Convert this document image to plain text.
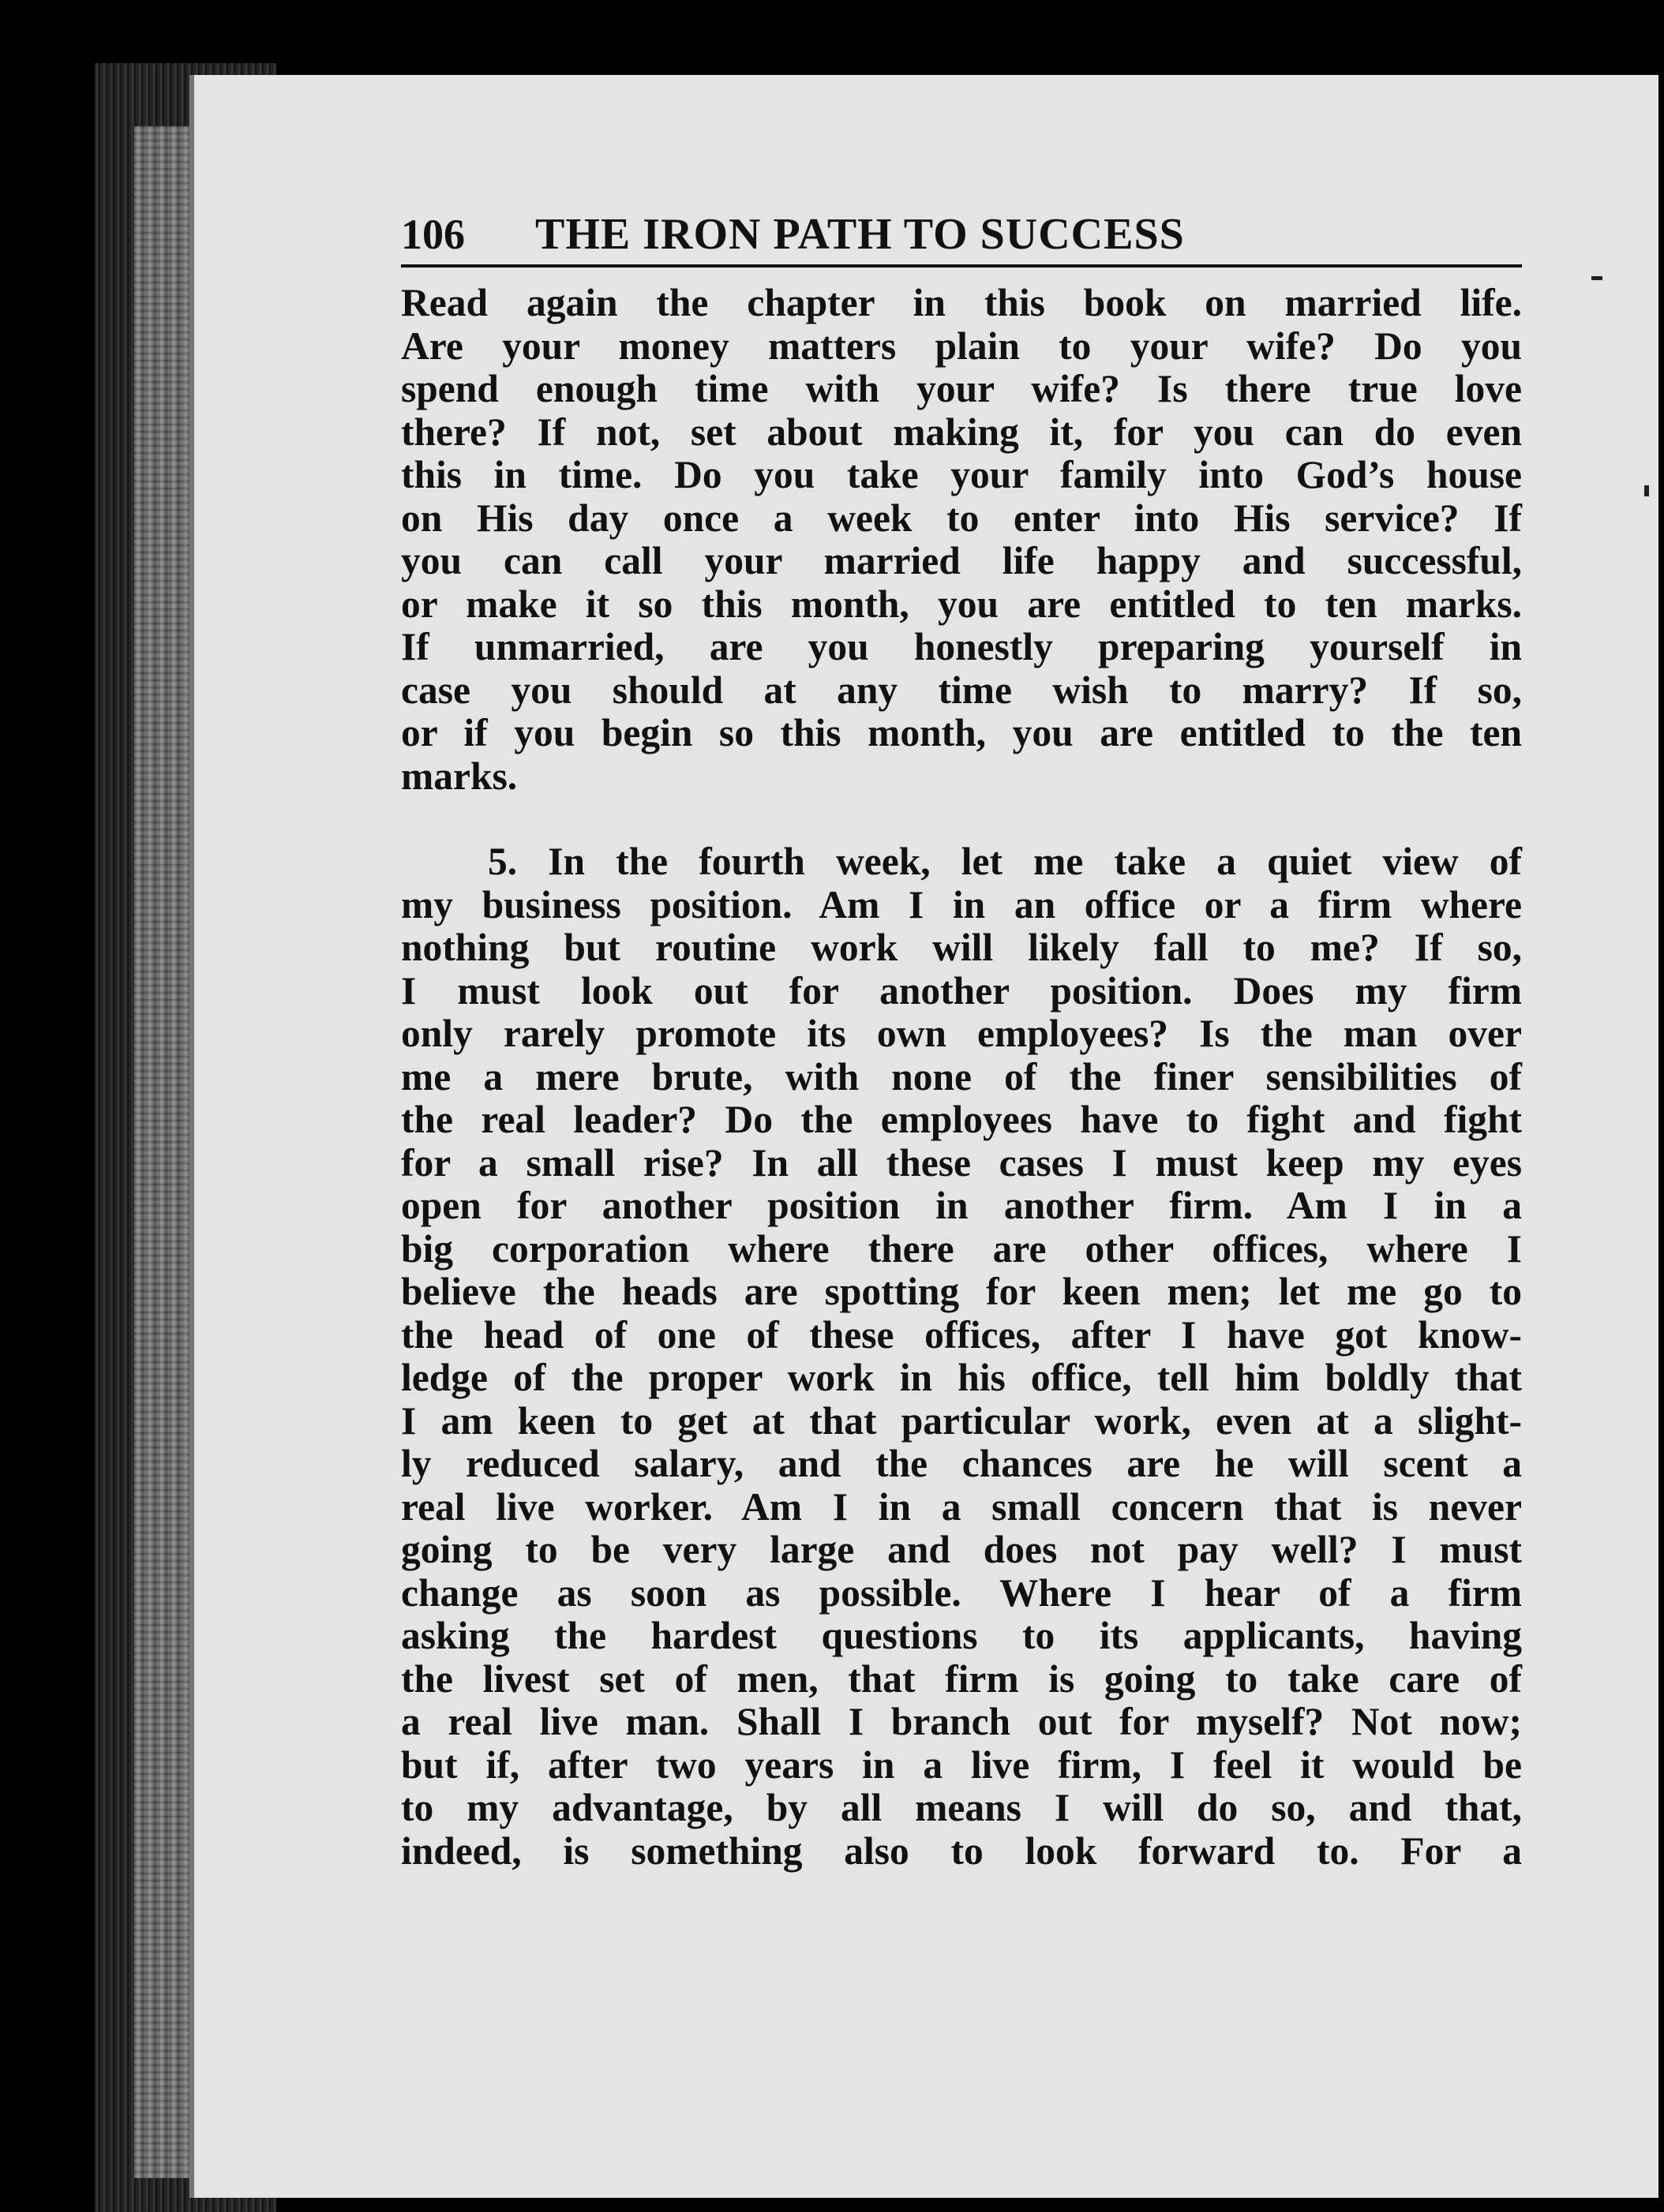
106	THE IRON PATH TO SUCCESS
Read again the chapter in this book on married life.
Are your money matters plain to your wife? Do you
spend enough time with your wife? Is there true love
there? If not, set about making it, for you can do even
this in time. Do you take your family into God’s house
on His day once a week to enter into His service? If
you can call your married life happy and successful,
or make it so this month, you are entitled to ten marks.
If unmarried, are you honestly preparing yourself in
case you should at any time wish to marry? If so,
or if you begin so this month, you are entitled to the ten
marks.
5. In the fourth week, let me take a quiet view of
my business position. Am I in an office or a firm where
nothing but routine work will likely fall to me? If so,
I must look out for another position. Does my firm
only rarely promote its own employees? Is the man over
me a mere brute, with none of the finer sensibilities of
the real leader? Do the employees have to fight and fight
for a small rise? In all these cases I must keep my eyes
open for another position in another firm. Am I in a
big corporation where there are other offices, where I
believe the heads are spotting for keen men; let me go to
the head of one of these offices, after I have got know-
ledge of the proper work in his office, tell him boldly that
I am keen to get at that particular work, even at a slight-
ly reduced salary, and the chances are he will scent a
real live worker. Am I in a small concern that is never
going to be very large and does not pay well? I must
change as soon as possible. Where I hear of a firm
asking the hardest questions to its applicants, having
the livest set of men, that firm is going to take care of
a real live man. Shall I branch out for myself? Not now;
but if, after two years in a live firm, I feel it would be
to my advantage, by all means I will do so, and that,
indeed, is something also to look forward to. For a
